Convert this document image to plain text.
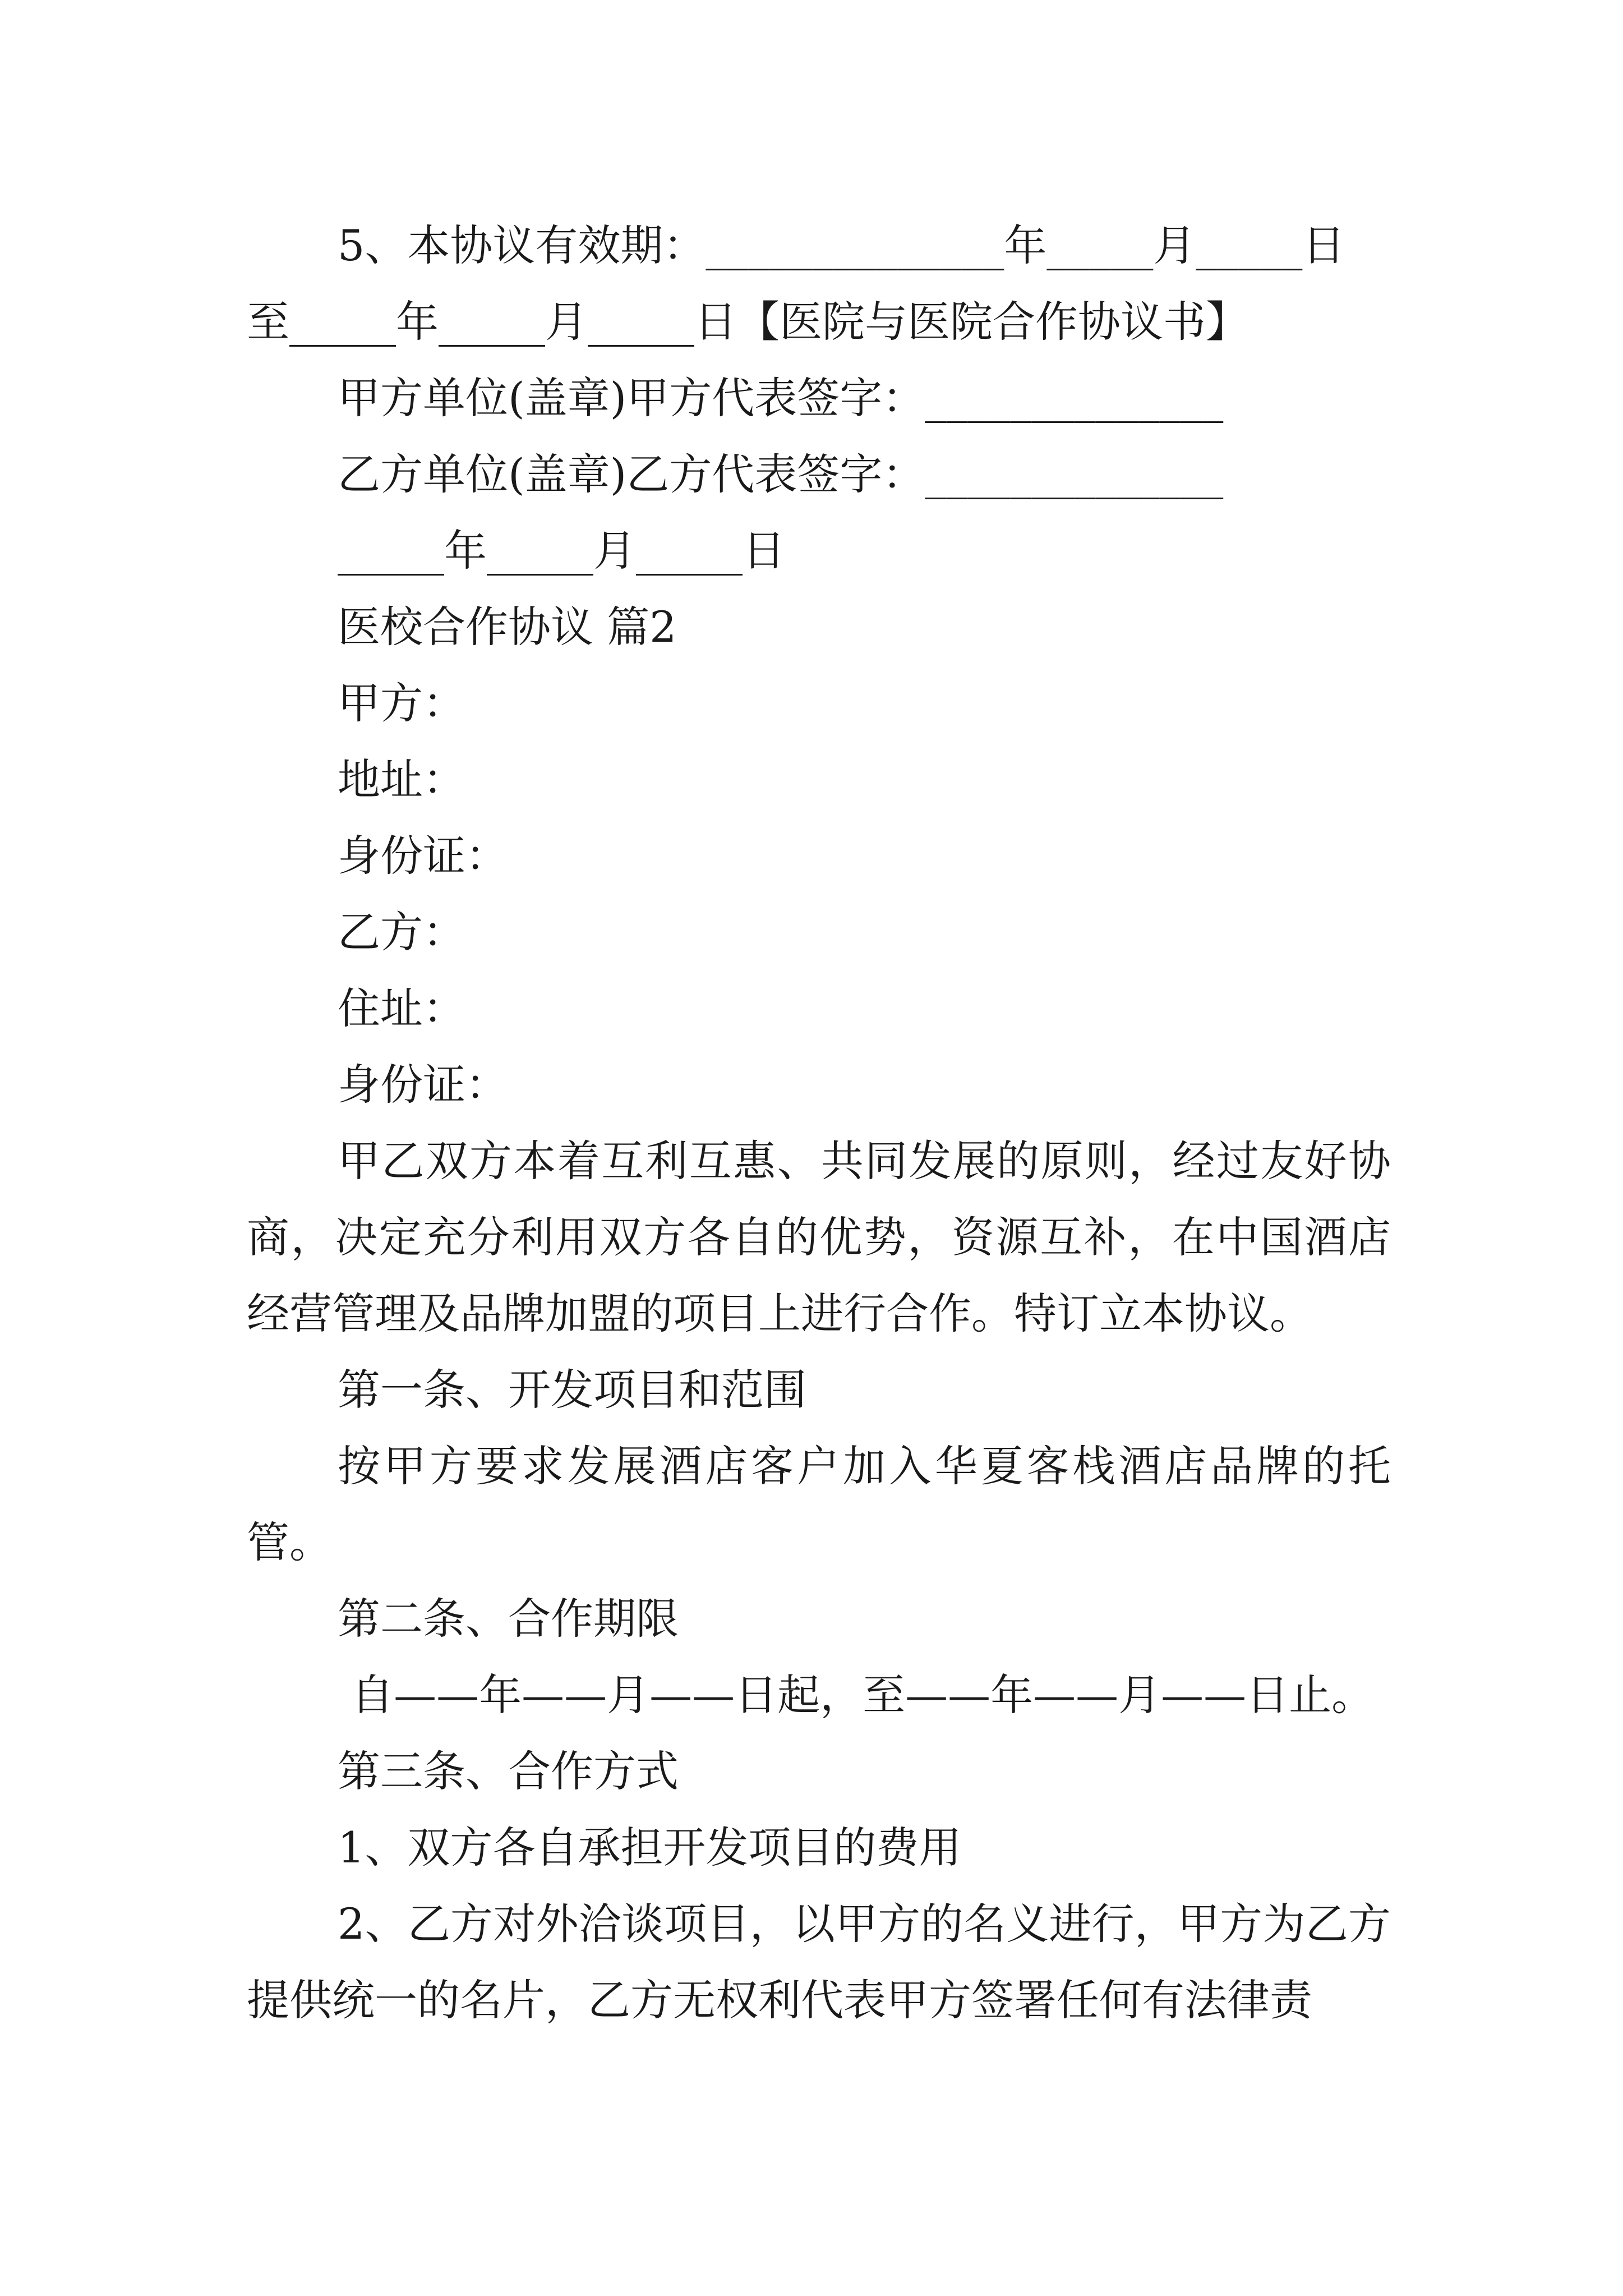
5、本协议有效期：______________年_____月_____日

至_____年_____月_____日【医院与医院合作协议书】

甲方单位(盖章)甲方代表签字：______________

乙方单位(盖章)乙方代表签字：______________

_____年_____月_____日

医校合作协议 篇2

甲方：

地址：

身份证：

乙方：

住址：

身份证：

甲乙双方本着互利互惠、共同发展的原则，经过友好协商，决定充分利用双方各自的优势，资源互补，在中国酒店经营管理及品牌加盟的项目上进行合作。特订立本协议。

第一条、开发项目和范围

按甲方要求发展酒店客户加入华夏客栈酒店品牌的托管。

第二条、合作期限

自——年——月——日起，至——年——月——日止。

第三条、合作方式

1、双方各自承担开发项目的费用

2、乙方对外洽谈项目，以甲方的名义进行，甲方为乙方提供统一的名片，乙方无权利代表甲方签署任何有法律责
